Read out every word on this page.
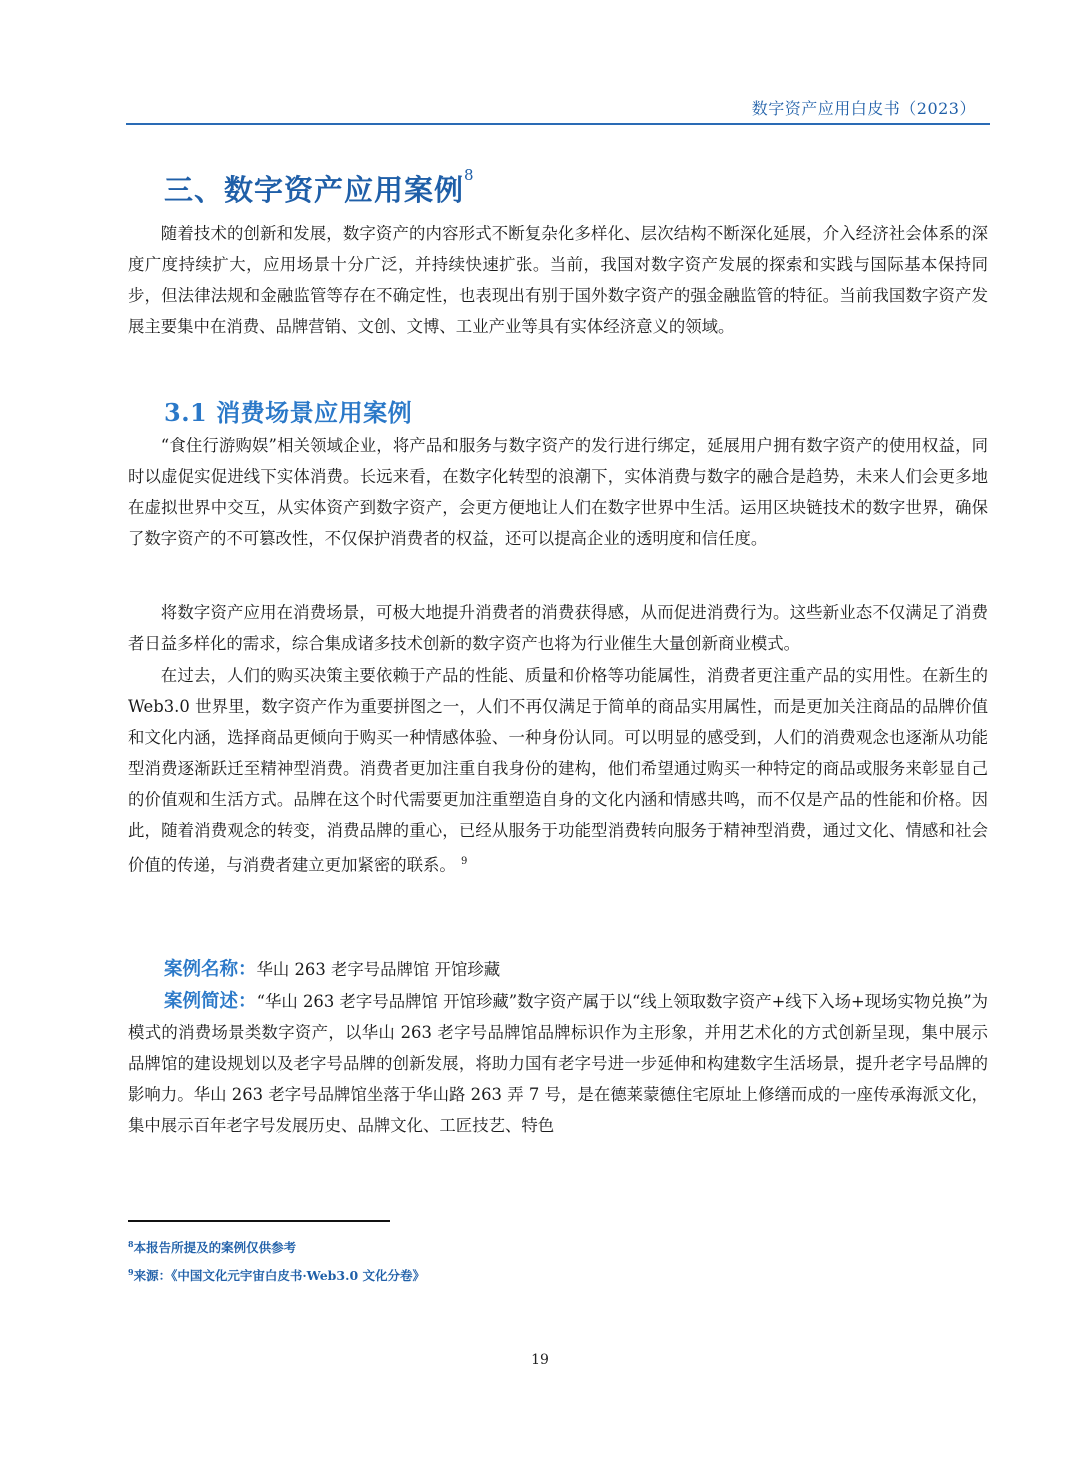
数字资产应用白皮书（2023）
三、数字资产应用案例$^8$
随着技术的创新和发展，数字资产的内容形式不断复杂化多样化、层次结构不断深化延展，介入经济社会体系的深度广度持续扩大，应用场景十分广泛，并持续快速扩张。当前，我国对数字资产发展的探索和实践与国际基本保持同步，但法律法规和金融监管等存在不确定性，也表现出有别于国外数字资产的强金融监管的特征。当前我国数字资产发展主要集中在消费、品牌营销、文创、文博、工业产业等具有实体经济意义的领域。
3.1 消费场景应用案例
“食住行游购娱”相关领域企业，将产品和服务与数字资产的发行进行绑定，延展用户拥有数字资产的使用权益，同时以虚促实促进线下实体消费。长远来看，在数字化转型的浪潮下，实体消费与数字的融合是趋势，未来人们会更多地在虚拟世界中交互，从实体资产到数字资产，会更方便地让人们在数字世界中生活。运用区块链技术的数字世界，确保了数字资产的不可篡改性，不仅保护消费者的权益，还可以提高企业的透明度和信任度。
将数字资产应用在消费场景，可极大地提升消费者的消费获得感，从而促进消费行为。这些新业态不仅满足了消费者日益多样化的需求，综合集成诸多技术创新的数字资产也将为行业催生大量创新商业模式。
在过去，人们的购买决策主要依赖于产品的性能、质量和价格等功能属性，消费者更注重产品的实用性。在新生的 Web3.0 世界里，数字资产作为重要拼图之一，人们不再仅满足于简单的商品实用属性，而是更加关注商品的品牌价值和文化内涵，选择商品更倾向于购买一种情感体验、一种身份认同。可以明显的感受到，人们的消费观念也逐渐从功能型消费逐渐跃迁至精神型消费。消费者更加注重自我身份的建构，他们希望通过购买一种特定的商品或服务来彰显自己的价值观和生活方式。品牌在这个时代需要更加注重塑造自身的文化内涵和情感共鸣，而不仅是产品的性能和价格。因此，随着消费观念的转变，消费品牌的重心，已经从服务于功能型消费转向服务于精神型消费，通过文化、情感和社会价值的传递，与消费者建立更加紧密的联系。 $^9$
案例名称：华山 263 老字号品牌馆 开馆珍藏
案例简述：“华山 263 老字号品牌馆 开馆珍藏”数字资产属于以“线上领取数字资产+线下入场+现场实物兑换”为模式的消费场景类数字资产，以华山 263 老字号品牌馆品牌标识作为主形象，并用艺术化的方式创新呈现，集中展示品牌馆的建设规划以及老字号品牌的创新发展，将助力国有老字号进一步延伸和构建数字生活场景，提升老字号品牌的影响力。华山 263 老字号品牌馆坐落于华山路 263 弄 7 号，是在德莱蒙德住宅原址上修缮而成的一座传承海派文化，集中展示百年老字号发展历史、品牌文化、工匠技艺、特色
$^8$本报告所提及的案例仅供参考
$^9$来源：《中国文化元宇宙白皮书·Web3.0 文化分卷》
19
